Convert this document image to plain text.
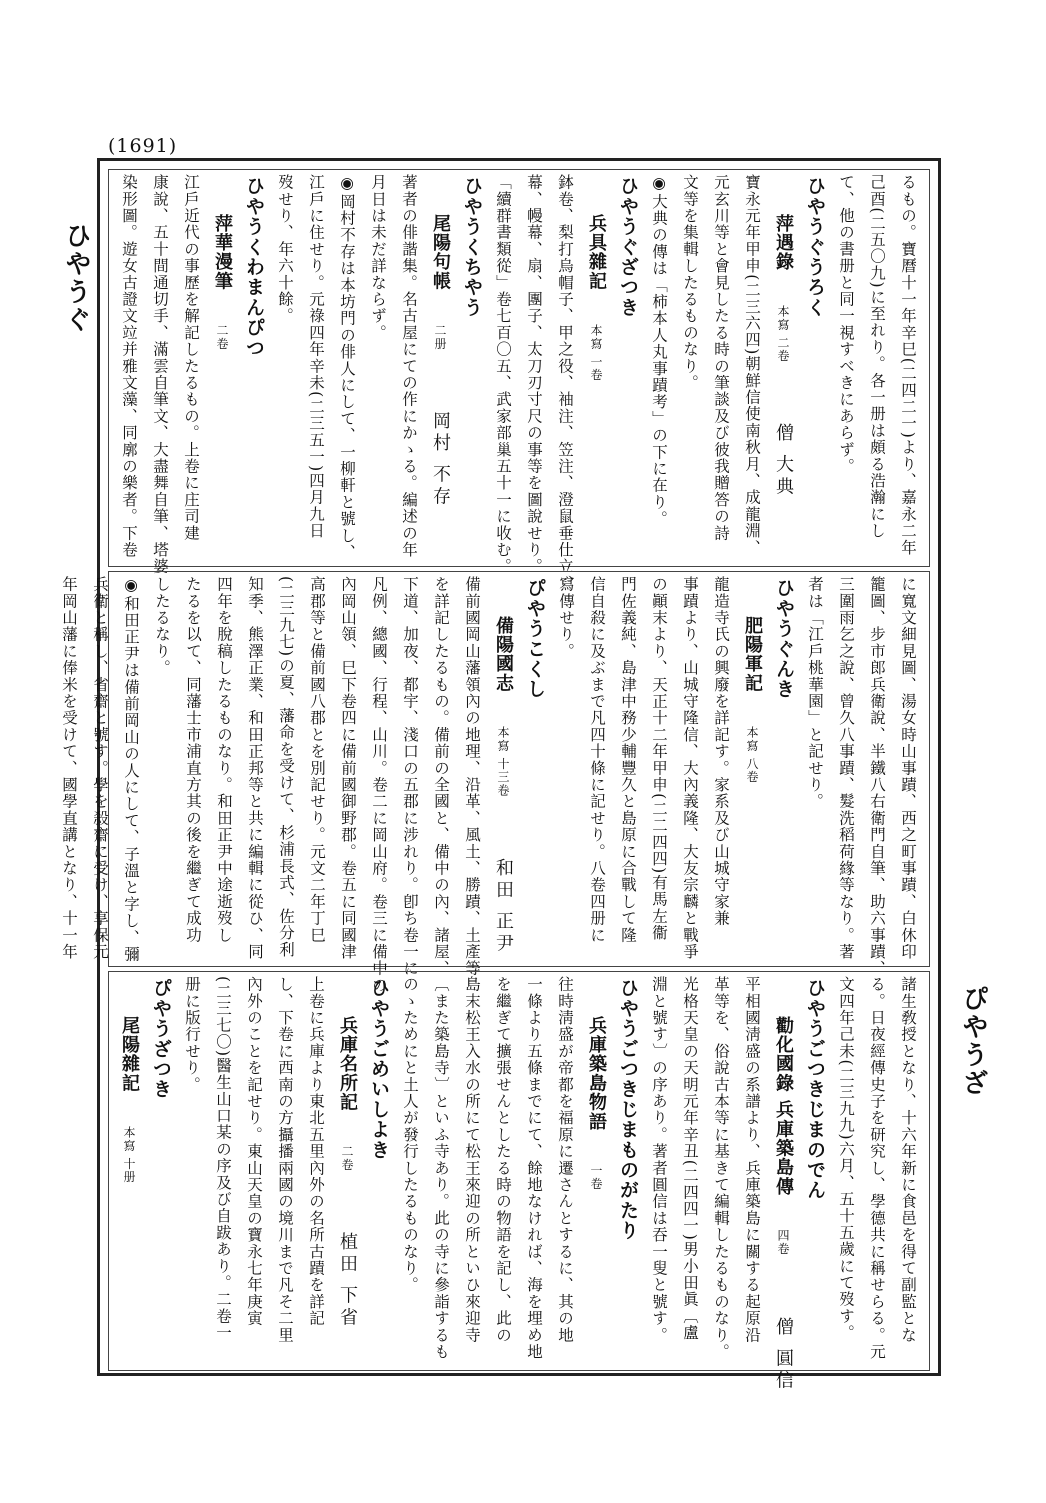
(1691)
ひやうぐ
ぴやうざ
るもの。寶曆十一年辛巳(二四二一)より、嘉永二年
己酉(二五〇九)に至れり。各一册は頗る浩瀚にし
て、他の書册と同一視すべきにあらず。
ひやうぐうろく
萍遇錄 本寫 二卷 僧 大典
寶永元年甲申(二三六四)朝鮮信使南秋月、成龍淵、
元玄川等と會見したる時の筆談及び彼我贈答の詩
文等を集輯したるものなり。
◉大典の傳は「柿本人丸事蹟考」の下に在り。
ひやうぐざつき
兵具雜記 本寫 一卷
鉢卷、梨打烏帽子、甲之役、袖注、笠注、澄鼠垂仕立、
幕、幔幕、扇、團子、太刀刃寸尺の事等を圖說せり。
「續群書類從」卷七百〇五、武家部巢五十一に收む。
ひやうくちやう
尾陽句帳 二册 岡村 不存
著者の俳諧集。名古屋にての作にかゝる。編述の年
月日は未だ詳ならず。
◉岡村不存は本坊門の俳人にして、一柳軒と號し、
江戶に住せり。元祿四年辛未(二三五一)四月九日
歿せり、年六十餘。
ひやうくわまんぴつ
萍華漫筆 二卷
江戶近代の事歷を解記したるもの。上卷に庄司建
康說、五十間通切手、滿雲自筆文、大盡舞自筆、塔婆
染形圖。遊女古證文竝并雅文藻、同廓の樂者。下卷
に寬文細見圖、湯女時山事蹟、西之町事蹟、白休印
籠圖、步市郎兵衛說、半鐵八右衛門自筆、助六事蹟、
三圍雨乞之說、曾久八事蹟、髮洗稻荷緣等なり。著
者は「江戶桃華園」と記せり。
ひやうぐんき
肥陽軍記 本寫 八卷
龍造寺氏の興廢を詳記す。家系及び山城守家兼
事蹟より、山城守隆信、大內義隆、大友宗麟と戰爭
の顚末より、天正十二年甲申(二二四四)有馬左衞
門佐義純、島津中務少輔豐久と島原に合戰して隆
信自殺に及ぶまで凡四十條に記せり。八卷四册に
寫傳せり。
ぴやうこくし
備陽國志 本寫 十三卷 和田 正尹
備前國岡山藩領內の地理、沿革、風土、勝蹟、土產等
を詳記したるもの。備前の全國と、備中の內、諸屋、
下道、加夜、都宇、淺口の五郡に涉れり。卽ち卷一に
凡例、總國、行程、山川。卷二に岡山府。卷三に備中の
內岡山領、巳下卷四に備前國御野郡。卷五に同國津
高郡等と備前國八郡とを別記せり。元文二年丁巳
(二三九七)の夏、藩命を受けて、杉浦長式、佐分利
知季、熊澤正業、和田正邦等と共に編輯に從ひ、同
四年を脫稿したるものなり。和田正尹中途逝歿し
たるを以て、同藩士市浦直方其の後を繼ぎて成功
したるなり。
◉和田正尹は備前岡山の人にして、子溫と字し、彌
兵衛と稱し、省齋と號す。學を殺齋に受け、享保元
年岡山藩に俸米を受けて、國學直講となり、十一年
諸生敎授となり、十六年新に食邑を得て副監とな
る。日夜經傳史子を研究し、學德共に稱せらる。元
文四年己未(二三九九)六月、五十五歲にて歿す。
ひやうごつきじまのでん
勸化國錄 兵庫築島傳 四卷 僧 圓信
平相國淸盛の系譜より、兵庫築島に關する起原沿
革等を、俗說古本等に基きて編輯したるものなり。
光格天皇の天明元年辛丑(二四四一)男小田眞〔盧
淵と號す〕の序あり。著者圓信は吞一叟と號す。
ひやうごつきじまものがたり
兵庫築島物語 一卷
往時淸盛が帝都を福原に遷さんとするに、其の地
一條より五條までにて、餘地なければ、海を埋め地
を繼ぎて擴張せんとしたる時の物語を記し、此の
島末松王入水の所にて松王來迎の所といひ來迎寺
〔また築島寺〕といふ寺あり。此の寺に參詣するも
のゝためにと土人が發行したるものなり。
ひやうごめいしよき
兵庫名所記 二卷 植田 下省
上卷に兵庫より東北五里內外の名所古蹟を詳記
し、下卷に西南の方攝播兩國の境川まで凡そ二里
內外のことを記せり。東山天皇の寶永七年庚寅
(二三七〇)醫生山口某の序及び自跋あり。二卷一
册に版行せり。
ぴやうざつき
尾陽雜記 本寫 十册
